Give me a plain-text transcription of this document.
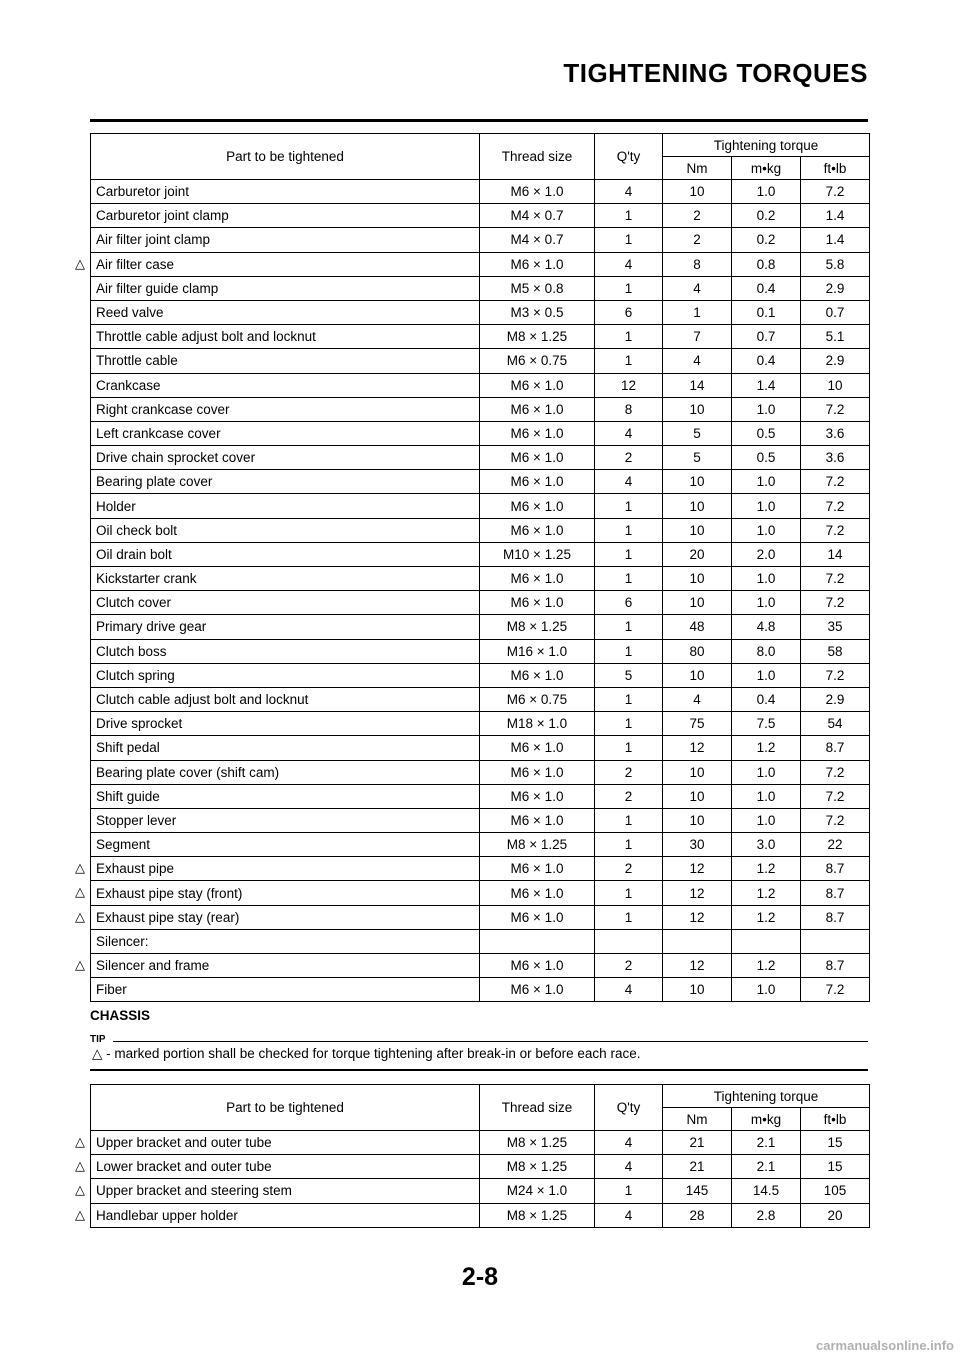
TIGHTENING TORQUES
Part to be tightened	Thread size	Q'ty	Tightening torque		
			Nm	m•kg	ft•lb
Carburetor joint	M6 × 1.0	4	10	1.0	7.2
Carburetor joint clamp	M4 × 0.7	1	2	0.2	1.4
Air filter joint clamp	M4 × 0.7	1	2	0.2	1.4
Air filter case	M6 × 1.0	4	8	0.8	5.8
Air filter guide clamp	M5 × 0.8	1	4	0.4	2.9
Reed valve	M3 × 0.5	6	1	0.1	0.7
Throttle cable adjust bolt and locknut	M8 × 1.25	1	7	0.7	5.1
Throttle cable	M6 × 0.75	1	4	0.4	2.9
Crankcase	M6 × 1.0	12	14	1.4	10
Right crankcase cover	M6 × 1.0	8	10	1.0	7.2
Left crankcase cover	M6 × 1.0	4	5	0.5	3.6
Drive chain sprocket cover	M6 × 1.0	2	5	0.5	3.6
Bearing plate cover	M6 × 1.0	4	10	1.0	7.2
Holder	M6 × 1.0	1	10	1.0	7.2
Oil check bolt	M6 × 1.0	1	10	1.0	7.2
Oil drain bolt	M10 × 1.25	1	20	2.0	14
Kickstarter crank	M6 × 1.0	1	10	1.0	7.2
Clutch cover	M6 × 1.0	6	10	1.0	7.2
Primary drive gear	M8 × 1.25	1	48	4.8	35
Clutch boss	M16 × 1.0	1	80	8.0	58
Clutch spring	M6 × 1.0	5	10	1.0	7.2
Clutch cable adjust bolt and locknut	M6 × 0.75	1	4	0.4	2.9
Drive sprocket	M18 × 1.0	1	75	7.5	54
Shift pedal	M6 × 1.0	1	12	1.2	8.7
Bearing plate cover (shift cam)	M6 × 1.0	2	10	1.0	7.2
Shift guide	M6 × 1.0	2	10	1.0	7.2
Stopper lever	M6 × 1.0	1	10	1.0	7.2
Segment	M8 × 1.25	1	30	3.0	22
Exhaust pipe	M6 × 1.0	2	12	1.2	8.7
Exhaust pipe stay (front)	M6 × 1.0	1	12	1.2	8.7
Exhaust pipe stay (rear)	M6 × 1.0	1	12	1.2	8.7
Silencer:					
Silencer and frame	M6 × 1.0	2	12	1.2	8.7
Fiber	M6 × 1.0	4	10	1.0	7.2
△
△
△
△
△
CHASSIS
TIP
△ - marked portion shall be checked for torque tightening after break-in or before each race.
Part to be tightened	Thread size	Q'ty	Tightening torque		
			Nm	m•kg	ft•lb
Upper bracket and outer tube	M8 × 1.25	4	21	2.1	15
Lower bracket and outer tube	M8 × 1.25	4	21	2.1	15
Upper bracket and steering stem	M24 × 1.0	1	145	14.5	105
Handlebar upper holder	M8 × 1.25	4	28	2.8	20
△
△
△
△
2-8
carmanualsonline.info
